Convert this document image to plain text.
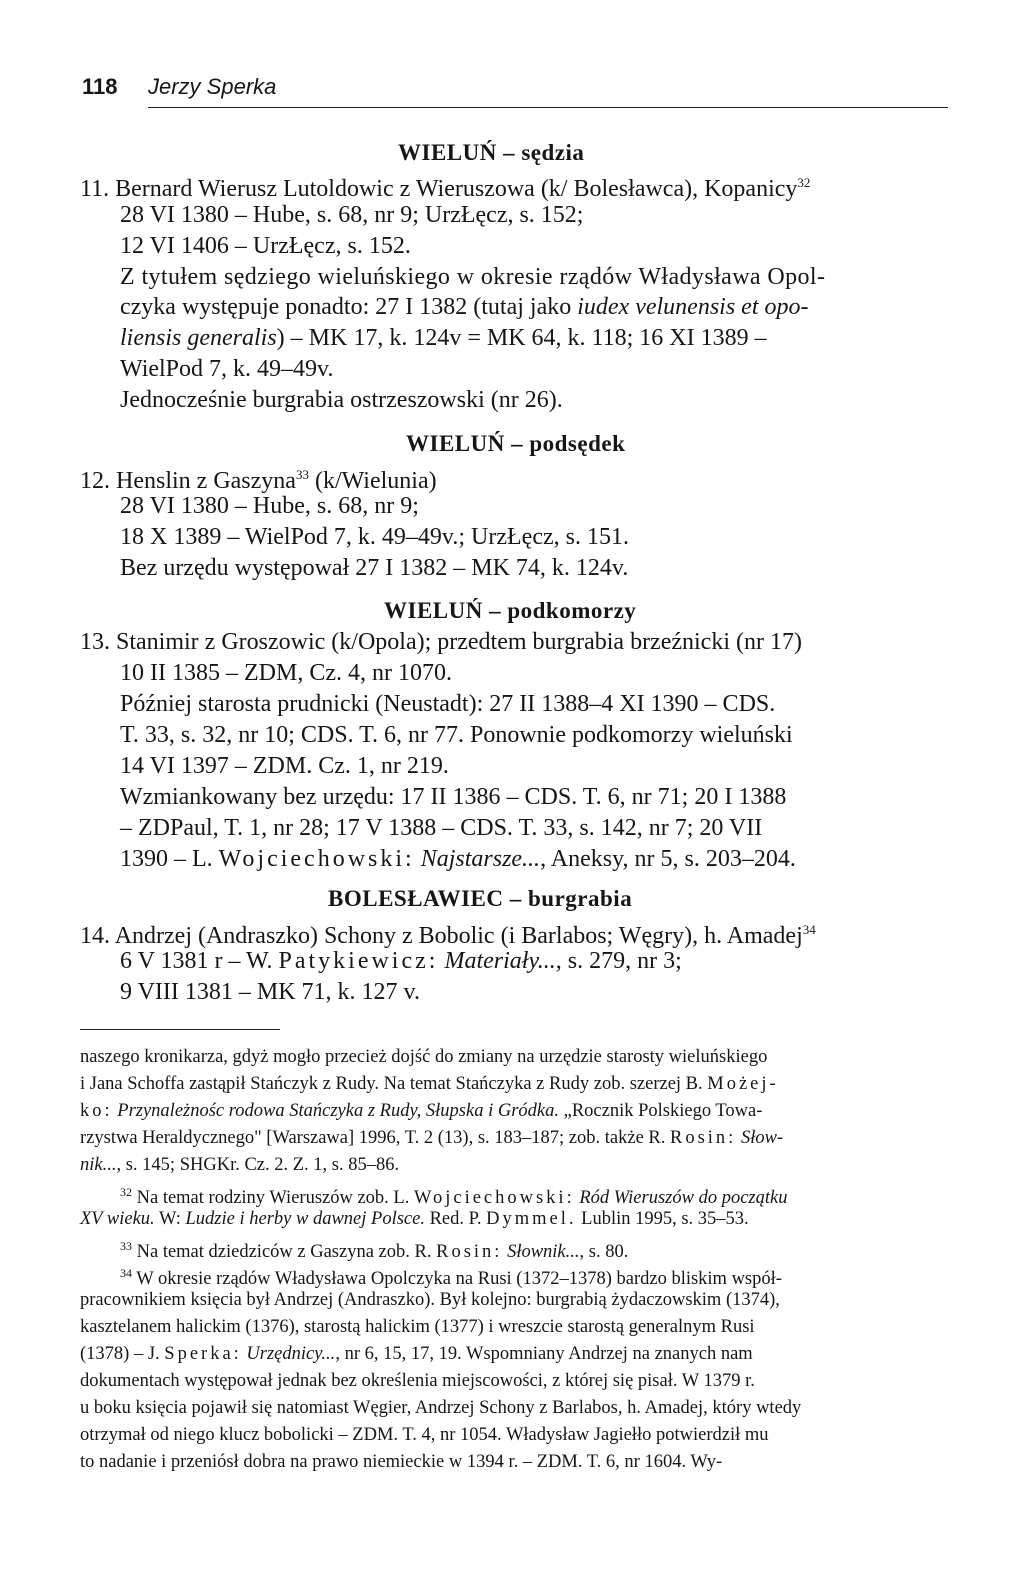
118 Jerzy Sperka
WIELUŃ – sędzia
11. Bernard Wierusz Lutoldowic z Wieruszowa (k/ Bolesławca), Kopanicy$^{32}$
28 VI 1380 – Hube, s. 68, nr 9; UrzŁęcz, s. 152;
12 VI 1406 – UrzŁęcz, s. 152.
Z tytułem sędziego wieluńskiego w okresie rządów Władysława Opol-
czyka występuje ponadto: 27 I 1382 (tutaj jako iudex velunensis et opo-
liensis generalis) – MK 17, k. 124v = MK 64, k. 118; 16 XI 1389 –
WielPod 7, k. 49–49v.
Jednocześnie burgrabia ostrzeszowski (nr 26).
WIELUŃ – podsędek
12. Henslin z Gaszyna$^{33}$ (k/Wielunia)
28 VI 1380 – Hube, s. 68, nr 9;
18 X 1389 – WielPod 7, k. 49–49v.; UrzŁęcz, s. 151.
Bez urzędu występował 27 I 1382 – MK 74, k. 124v.
WIELUŃ – podkomorzy
13. Stanimir z Groszowic (k/Opola); przedtem burgrabia brzeźnicki (nr 17)
10 II 1385 – ZDM, Cz. 4, nr 1070.
Później starosta prudnicki (Neustadt): 27 II 1388–4 XI 1390 – CDS.
T. 33, s. 32, nr 10; CDS. T. 6, nr 77. Ponownie podkomorzy wieluński
14 VI 1397 – ZDM. Cz. 1, nr 219.
Wzmiankowany bez urzędu: 17 II 1386 – CDS. T. 6, nr 71; 20 I 1388
– ZDPaul, T. 1, nr 28; 17 V 1388 – CDS. T. 33, s. 142, nr 7; 20 VII
1390 – L. Wojciechowski: Najstarsze..., Aneksy, nr 5, s. 203–204.
BOLESŁAWIEC – burgrabia
14. Andrzej (Andraszko) Schony z Bobolic (i Barlabos; Węgry), h. Amadej$^{34}$
6 V 1381 r – W. Patykiewicz: Materiały..., s. 279, nr 3;
9 VIII 1381 – MK 71, k. 127 v.
naszego kronikarza, gdyż mogło przecież dojść do zmiany na urzędzie starosty wieluńskiego
i Jana Schoffa zastąpił Stańczyk z Rudy. Na temat Stańczyka z Rudy zob. szerzej B. Możej-
ko: Przynależnośc rodowa Stańczyka z Rudy, Słupska i Gródka. „Rocznik Polskiego Towa-
rzystwa Heraldycznego" [Warszawa] 1996, T. 2 (13), s. 183–187; zob. także R. Rosin: Słow-
nik..., s. 145; SHGKr. Cz. 2. Z. 1, s. 85–86.
$^{32}$ Na temat rodziny Wieruszów zob. L. Wojciechowski: Ród Wieruszów do początku
XV wieku. W: Ludzie i herby w dawnej Polsce. Red. P. Dymmel. Lublin 1995, s. 35–53.
$^{33}$ Na temat dziedziców z Gaszyna zob. R. Rosin: Słownik..., s. 80.
$^{34}$ W okresie rządów Władysława Opolczyka na Rusi (1372–1378) bardzo bliskim współ-
pracownikiem księcia był Andrzej (Andraszko). Był kolejno: burgrabią żydaczowskim (1374),
kasztelanem halickim (1376), starostą halickim (1377) i wreszcie starostą generalnym Rusi
(1378) – J. Sperka: Urzędnicy..., nr 6, 15, 17, 19. Wspomniany Andrzej na znanych nam
dokumentach występował jednak bez określenia miejscowości, z której się pisał. W 1379 r.
u boku księcia pojawił się natomiast Węgier, Andrzej Schony z Barlabos, h. Amadej, który wtedy
otrzymał od niego klucz bobolicki – ZDM. T. 4, nr 1054. Władysław Jagiełło potwierdził mu
to nadanie i przeniósł dobra na prawo niemieckie w 1394 r. – ZDM. T. 6, nr 1604. Wy-
